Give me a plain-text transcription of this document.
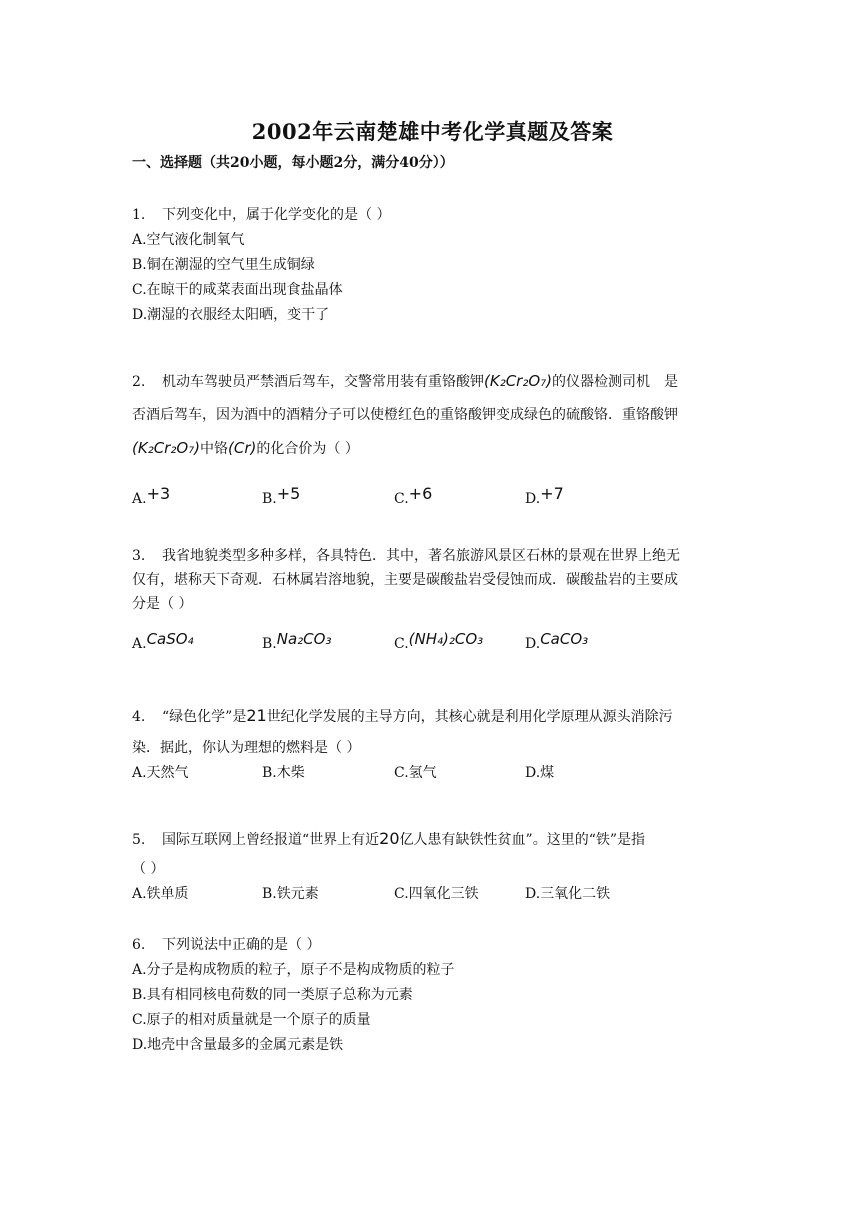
2002年云南楚雄中考化学真题及答案
一、选择题（共20小题，每小题2分，满分40分））
1. 下列变化中，属于化学变化的是（ ）
A.空气液化制氧气
B.铜在潮湿的空气里生成铜绿
C.在晾干的咸菜表面出现食盐晶体
D.潮湿的衣服经太阳晒，变干了
2. 机动车驾驶员严禁酒后驾车，交警常用装有重铬酸钾(K₂Cr₂O₇)的仪器检测司机　是
否酒后驾车，因为酒中的酒精分子可以使橙红色的重铬酸钾变成绿色的硫酸铬．重铬酸钾
(K₂Cr₂O₇)中铬(Cr)的化合价为（ ）
A.+3	B.+5	C.+6	D.+7
3. 我省地貌类型多种多样，各具特色．其中，著名旅游风景区石林的景观在世界上绝无
仅有，堪称天下奇观．石林属岩溶地貌，主要是碳酸盐岩受侵蚀而成．碳酸盐岩的主要成
分是（ ）
A.CaSO₄	B.Na₂CO₃	C.(NH₄)₂CO₃	D.CaCO₃
4. “绿色化学”是21世纪化学发展的主导方向，其核心就是利用化学原理从源头消除污
染．据此，你认为理想的燃料是（ ）
A.天然气	B.木柴	C.氢气	D.煤
5. 国际互联网上曾经报道“世界上有近20亿人患有缺铁性贫血”。这里的“铁”是指
（ ）
A.铁单质	B.铁元素	C.四氧化三铁	D.三氧化二铁
6. 下列说法中正确的是（ ）
A.分子是构成物质的粒子，原子不是构成物质的粒子
B.具有相同核电荷数的同一类原子总称为元素
C.原子的相对质量就是一个原子的质量
D.地壳中含量最多的金属元素是铁
